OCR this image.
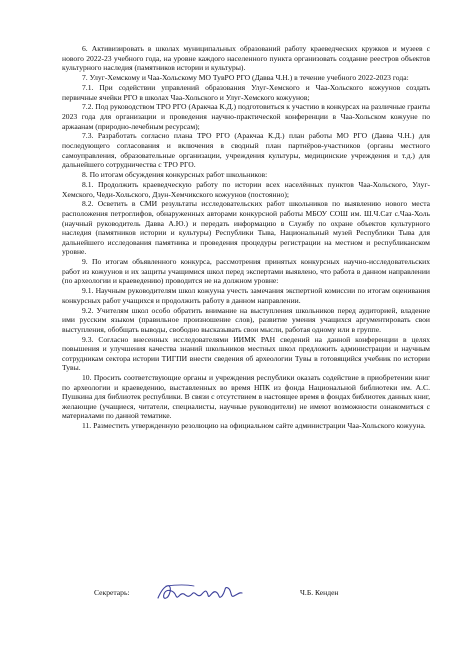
6. Активизировать в школах муниципальных образований работу краеведческих кружков и музеев с нового 2022-23 учебного года, на уровне каждого населенного пункта организовать создание реестров объектов культурного наследия (памятников истории и культуры).

7. Улуг-Хемскому и Чаа-Хольскому МО ТувРО РГО (Давва Ч.Н.) в течение учебного 2022-2023 года:

7.1. При содействии управлений образования Улуг-Хемского и Чаа-Хольского кожуунов создать первичные ячейки РГО в школах Чаа-Хольского и Улуг-Хемского кожуунов;

7.2. Под руководством ТРО РГО (Аракчаа К.Д.) подготовиться к участию в конкурсах на различные гранты 2023 года для организации и проведения научно-практической конференции в Чаа-Хольском кожууне по аржаанам (природно-лечебным ресурсам);

7.3. Разработать согласно плана ТРО РГО (Аракчаа К.Д.) план работы МО РГО (Давва Ч.Н.) для последующего согласования и включения в сводный план партнёров-участников (органы местного самоуправления, образовательные организации, учреждения культуры, медицинские учреждения и т.д.) для дальнейшего сотрудничества с ТРО РГО.

8. По итогам обсуждения конкурсных работ школьников:

8.1. Продолжить краеведческую работу по истории всех населённых пунктов Чаа-Хольского, Улуг-Хемского, Чеди-Хольского, Дзун-Хемчикского кожуунов (постоянно);

8.2. Осветить в СМИ результаты исследовательских работ школьников по выявлению нового места расположения петроглифов, обнаруженных авторами конкурсной работы МБОУ СОШ им. Ш.Ч.Сат с.Чаа-Холь (научный руководитель Давва А.Ю.) и передать информацию в Службу по охране объектов культурного наследия (памятников истории и культуры) Республики Тыва, Национальный музей Республики Тыва для дальнейшего исследования памятника и проведения процедуры регистрации на местном и республиканском уровне.

9. По итогам объявленного конкурса, рассмотрения принятых конкурсных научно-исследовательских работ из кожуунов и их защиты учащимися школ перед экспертами выявлено, что работа в данном направлении (по археологии и краеведению) проводится не на должном уровне:

9.1. Научным руководителям школ кожууна учесть замечания экспертной комиссии по итогам оценивания конкурсных работ учащихся и продолжить работу в данном направлении.

9.2. Учителям школ особо обратить внимание на выступления школьников перед аудиторией, владение ими русским языком (правильное произношение слов), развитие умения учащихся аргументировать свои выступления, обобщать выводы, свободно высказывать свои мысли, работая одному или в группе.

9.3. Согласно внесенных исследователями ИИМК РАН сведений на данной конференции в целях повышения и улучшения качества знаний школьников местных школ предложить администрации и научным сотрудникам сектора истории ТИГПИ внести сведения об археологии Тувы в готовящийся учебник по истории Тувы.

10. Просить соответствующие органы и учреждения республики оказать содействие в приобретении книг по археологии и краеведению, выставленных во время НПК из фонда Национальной библиотеки им. А.С. Пушкина для библиотек республики. В связи с отсутствием в настоящее время в фондах библиотек данных книг, желающие (учащиеся, читатели, специалисты, научные руководители) не имеют возможности ознакомиться с материалами по данной тематике.

11. Разместить утвержденную резолюцию на официальном сайте администрации Чаа-Хольского кожууна.

Секретарь:	Ч.Б. Кенден
